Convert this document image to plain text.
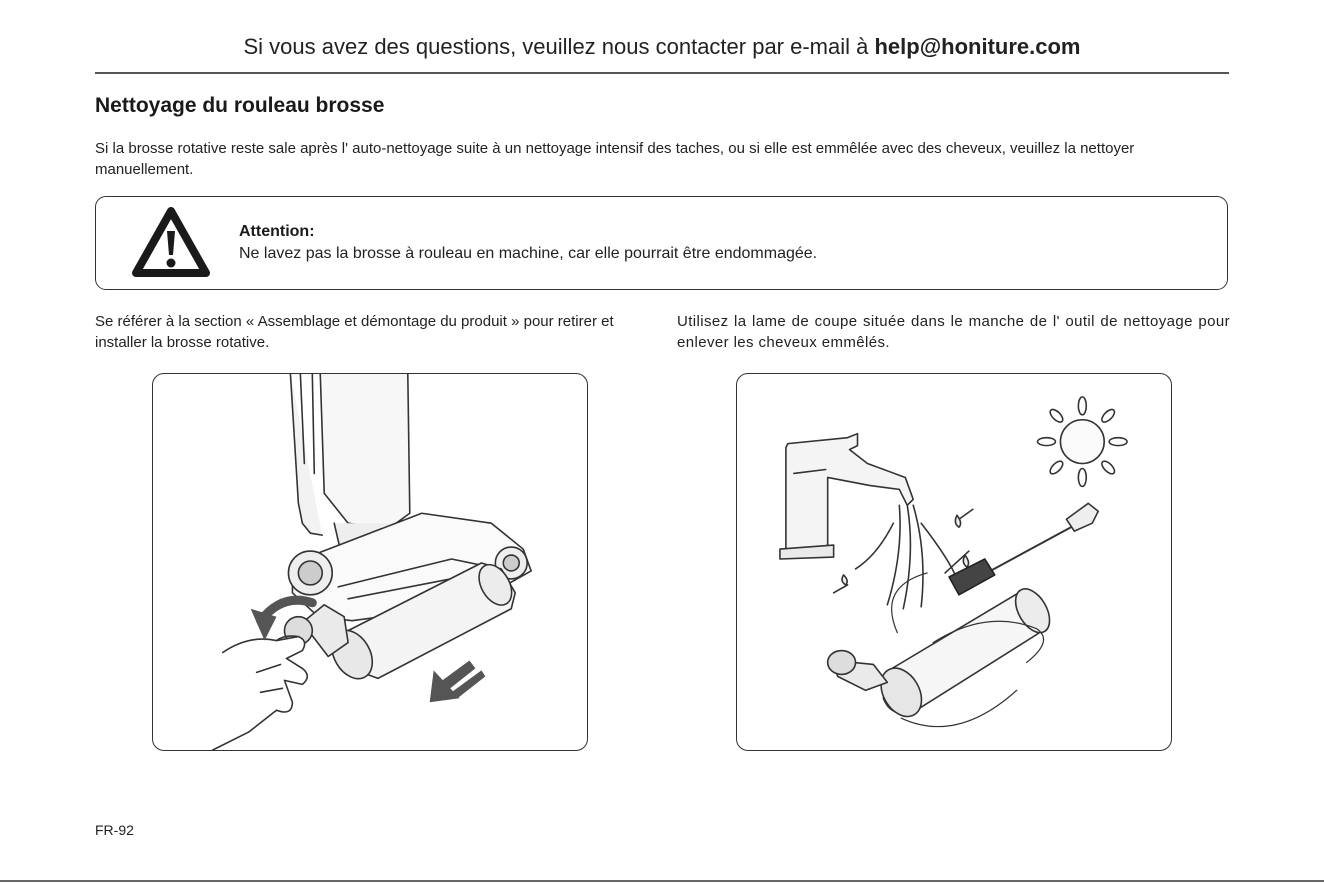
Si vous avez des questions, veuillez nous contacter par e-mail à help@honiture.com
Nettoyage du rouleau brosse

Si la brosse rotative reste sale après l' auto-nettoyage suite à un nettoyage intensif des taches, ou si elle est emmêlée avec des cheveux, veuillez la nettoyer manuellement.

Attention:
Ne lavez pas la brosse à rouleau en machine, car elle pourrait être endommagée.

Se référer à la section « Assemblage et démontage du produit » pour retirer et installer la brosse rotative.

Utilisez la lame de coupe située dans le manche de l' outil de nettoyage pour enlever les cheveux emmêlés.

FR-92
